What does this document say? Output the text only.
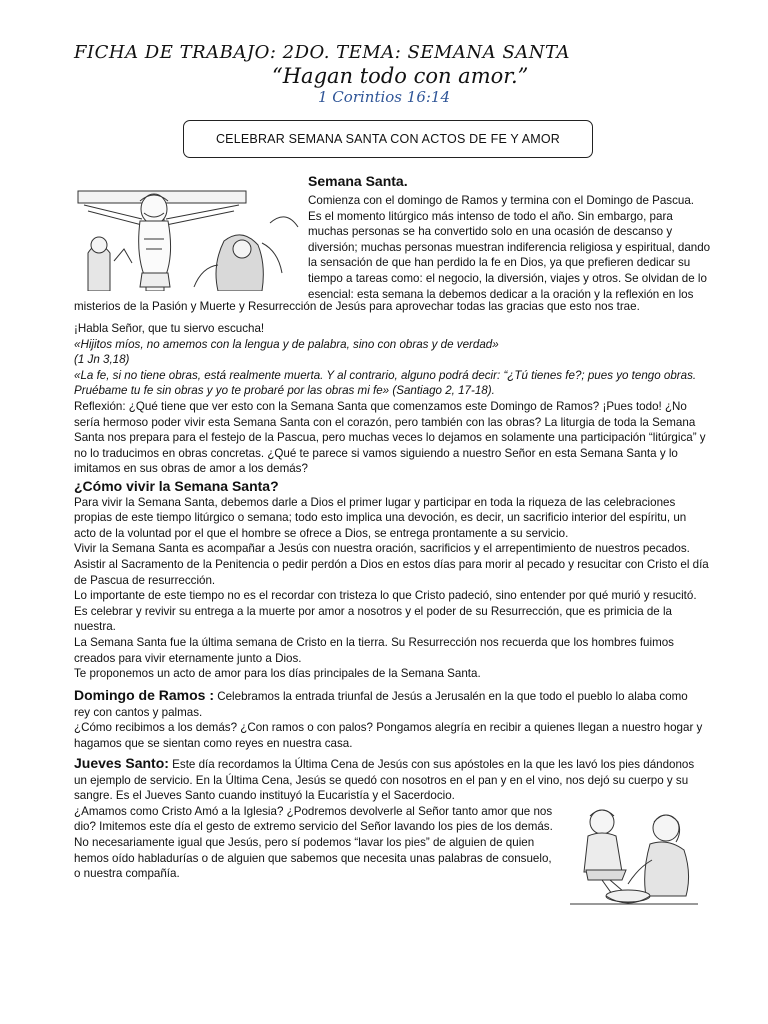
FICHA DE TRABAJO: 2DO. TEMA: SEMANA SANTA
“Hagan todo con amor.”
1 Corintios 16:14
CELEBRAR SEMANA SANTA CON ACTOS DE FE Y AMOR
Semana Santa.
Comienza con el domingo de Ramos y termina con el Domingo de Pascua.
Es el momento litúrgico más intenso de todo el año. Sin embargo, para
muchas personas se ha convertido solo en una ocasión de descanso y
diversión; muchas personas muestran indiferencia religiosa y espiritual, dando
la sensación de que han perdido la fe en Dios, ya que prefieren dedicar su
tiempo a tareas como: el negocio, la diversión, viajes y otros. Se olvidan de lo
esencial: esta semana la debemos dedicar a la oración y la reflexión en los
misterios de la Pasión y Muerte y Resurrección de Jesús para aprovechar todas las gracias que esto nos trae.
¡Habla Señor, que tu siervo escucha!
«Hijitos míos, no amemos con la lengua y de palabra, sino con obras y de verdad»
(1 Jn 3,18)
«La fe, si no tiene obras, está realmente muerta. Y al contrario, alguno podrá decir: “¿Tú tienes fe?; pues yo tengo obras.
Pruébame tu fe sin obras y yo te probaré por las obras mi fe» (Santiago 2, 17-18).
Reflexión: ¿Qué tiene que ver esto con la Semana Santa que comenzamos este Domingo de Ramos? ¡Pues todo! ¿No
sería hermoso poder vivir esta Semana Santa con el corazón, pero también con las obras? La liturgia de toda la Semana
Santa nos prepara para el festejo de la Pascua, pero muchas veces lo dejamos en solamente una participación “litúrgica” y
no lo traducimos en obras concretas. ¿Qué te parece si vamos siguiendo a nuestro Señor en esta Semana Santa y lo
imitamos en sus obras de amor a los demás?
¿Cómo vivir la Semana Santa?
Para vivir la Semana Santa, debemos darle a Dios el primer lugar y participar en toda la riqueza de las celebraciones
propias de este tiempo litúrgico o semana; todo esto implica una devoción, es decir, un sacrificio interior del espíritu, un
acto de la voluntad por el que el hombre se ofrece a Dios, se entrega prontamente a su servicio.
Vivir la Semana Santa es acompañar a Jesús con nuestra oración, sacrificios y el arrepentimiento de nuestros pecados.
Asistir al Sacramento de la Penitencia o pedir perdón a Dios en estos días para morir al pecado y resucitar con Cristo el día
de Pascua de resurrección.
Lo importante de este tiempo no es el recordar con tristeza lo que Cristo padeció, sino entender por qué murió y resucitó.
Es celebrar y revivir su entrega a la muerte por amor a nosotros y el poder de su Resurrección, que es primicia de la
nuestra.
La Semana Santa fue la última semana de Cristo en la tierra. Su Resurrección nos recuerda que los hombres fuimos
creados para vivir eternamente junto a Dios.
Te proponemos un acto de amor para los días principales de la Semana Santa.
Domingo de Ramos : Celebramos la entrada triunfal de Jesús a Jerusalén en la que todo el pueblo lo alaba como
rey con cantos y palmas.
¿Cómo recibimos a los demás? ¿Con ramos o con palos? Pongamos alegría en recibir a quienes llegan a nuestro hogar y
hagamos que se sientan como reyes en nuestra casa.
Jueves Santo: Este día recordamos la Última Cena de Jesús con sus apóstoles en la que les lavó los pies dándonos
un ejemplo de servicio. En la Última Cena, Jesús se quedó con nosotros en el pan y en el vino, nos dejó su cuerpo y su
sangre. Es el Jueves Santo cuando instituyó la Eucaristía y el Sacerdocio.
¿Amamos como Cristo Amó a la Iglesia? ¿Podremos devolverle al Señor tanto amor que nos
dio? Imitemos este día el gesto de extremo servicio del Señor lavando los pies de los demás.
No necesariamente igual que Jesús, pero sí podemos “lavar los pies” de alguien de quien
hemos oído habladurías o de alguien que sabemos que necesita unas palabras de consuelo,
o nuestra compañía.
